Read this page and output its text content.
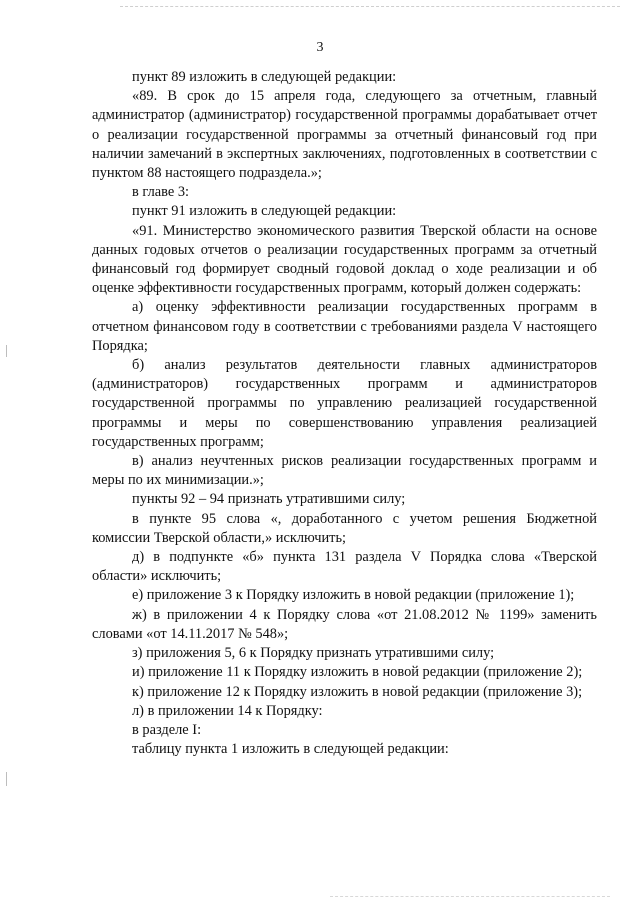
3

пункт 89 изложить в следующей редакции:

«89. В срок до 15 апреля года, следующего за отчетным, главный администратор (администратор) государственной программы дорабатывает отчет о реализации государственной программы за отчетный финансовый год при наличии замечаний в экспертных заключениях, подготовленных в соответствии с пунктом 88 настоящего подраздела.»;

в главе 3:

пункт 91 изложить в следующей редакции:

«91. Министерство экономического развития Тверской области на основе данных годовых отчетов о реализации государственных программ за отчетный финансовый год формирует сводный годовой доклад о ходе реализации и об оценке эффективности государственных программ, который должен содержать:

а) оценку эффективности реализации государственных программ в отчетном финансовом году в соответствии с требованиями раздела V настоящего Порядка;

б) анализ результатов деятельности главных администраторов (администраторов) государственных программ и администраторов государственной программы по управлению реализацией государственной программы и меры по совершенствованию управления реализацией государственных программ;

в) анализ неучтенных рисков реализации государственных программ и меры по их минимизации.»;

пункты 92 – 94 признать утратившими силу;

в пункте 95 слова «, доработанного с учетом решения Бюджетной комиссии Тверской области,» исключить;

д) в подпункте «б» пункта 131 раздела V Порядка слова «Тверской области» исключить;

е) приложение 3 к Порядку изложить в новой редакции (приложение 1);

ж) в приложении 4 к Порядку слова «от 21.08.2012 № 1199» заменить словами «от 14.11.2017 № 548»;

з) приложения 5, 6 к Порядку признать утратившими силу;

и) приложение 11 к Порядку изложить в новой редакции (приложение 2);

к) приложение 12 к Порядку изложить в новой редакции (приложение 3);

л) в приложении 14 к Порядку:

в разделе I:

таблицу пункта 1 изложить в следующей редакции:
